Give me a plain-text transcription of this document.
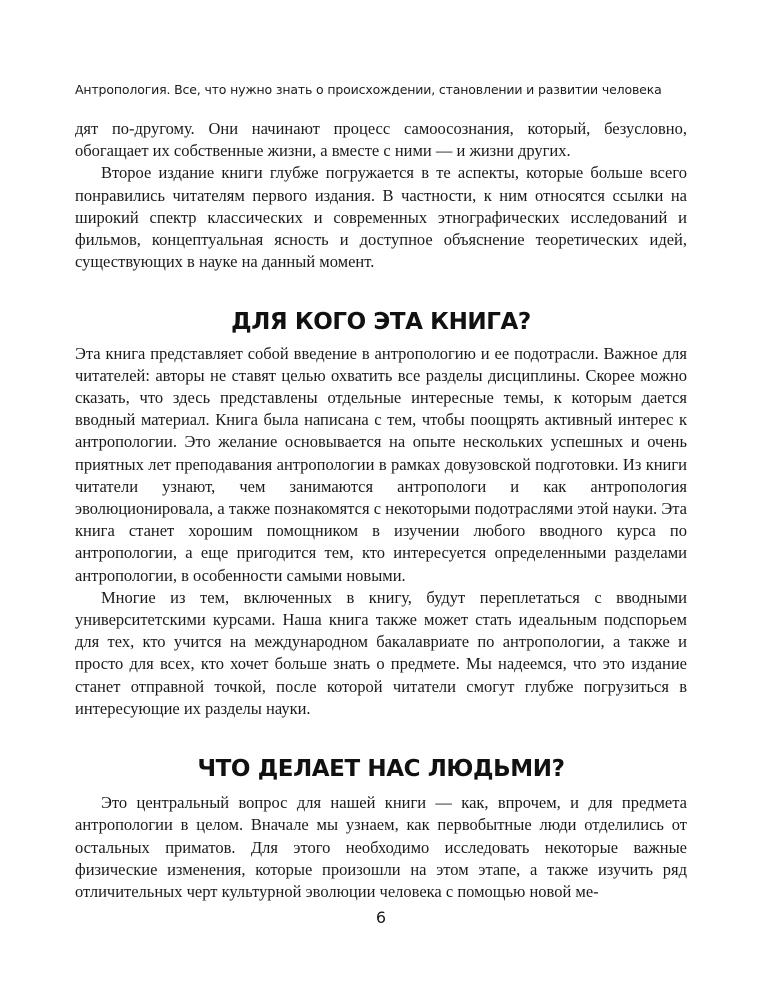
Антропология. Все, что нужно знать о происхождении, становлении и развитии человека

дят по-другому. Они начинают процесс самоосознания, который, безусловно, обогащает их собственные жизни, а вместе с ними — и жизни других.

Второе издание книги глубже погружается в те аспекты, которые больше всего понравились читателям первого издания. В частности, к ним относятся ссылки на широкий спектр классических и современных этнографических исследований и фильмов, концептуальная ясность и доступное объяснение теоретических идей, существующих в науке на данный момент.

ДЛЯ КОГО ЭТА КНИГА?

Эта книга представляет собой введение в антропологию и ее подотрасли. Важное для читателей: авторы не ставят целью охватить все разделы дисциплины. Скорее можно сказать, что здесь представлены отдельные интересные темы, к которым дается вводный материал. Книга была написана с тем, чтобы поощрять активный интерес к антропологии. Это желание основывается на опыте нескольких успешных и очень приятных лет преподавания антропологии в рамках довузовской подготовки. Из книги читатели узнают, чем занимаются антропологи и как антропология эволюционировала, а также познакомятся с некоторыми подотраслями этой науки. Эта книга станет хорошим помощником в изучении любого вводного курса по антропологии, а еще пригодится тем, кто интересуется определенными разделами антропологии, в особенности самыми новыми.

Многие из тем, включенных в книгу, будут переплетаться с вводными университетскими курсами. Наша книга также может стать идеальным подспорьем для тех, кто учится на международном бакалавриате по антропологии, а также и просто для всех, кто хочет больше знать о предмете. Мы надеемся, что это издание станет отправной точкой, после которой читатели смогут глубже погрузиться в интересующие их разделы науки.

ЧТО ДЕЛАЕТ НАС ЛЮДЬМИ?

Это центральный вопрос для нашей книги — как, впрочем, и для предмета антропологии в целом. Вначале мы узнаем, как первобытные люди отделились от остальных приматов. Для этого необходимо исследовать некоторые важные физические изменения, которые произошли на этом этапе, а также изучить ряд отличительных черт культурной эволюции человека с помощью новой ме-

6
